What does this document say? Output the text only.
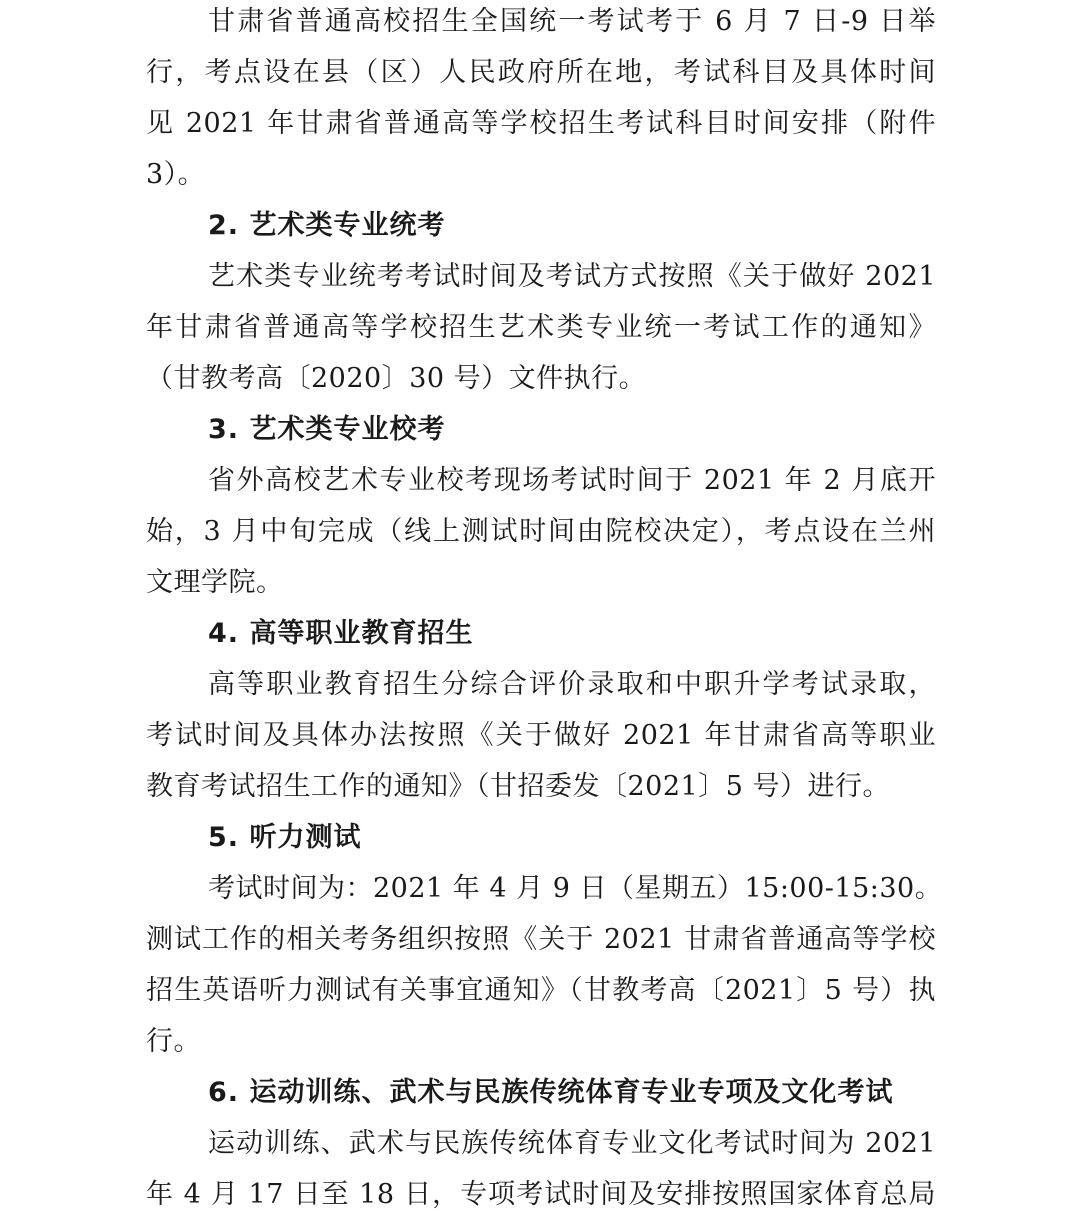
甘肃省普通高校招生全国统一考试考于 6 月 7 日-9 日举
行，考点设在县（区）人民政府所在地，考试科目及具体时间
见 2021 年甘肃省普通高等学校招生考试科目时间安排（附件
3）。
2. 艺术类专业统考
艺术类专业统考考试时间及考试方式按照《关于做好 2021
年甘肃省普通高等学校招生艺术类专业统一考试工作的通知》
（甘教考高〔2020〕30 号）文件执行。
3. 艺术类专业校考
省外高校艺术专业校考现场考试时间于 2021 年 2 月底开
始，3 月中旬完成（线上测试时间由院校决定），考点设在兰州
文理学院。
4. 高等职业教育招生
高等职业教育招生分综合评价录取和中职升学考试录取，
考试时间及具体办法按照《关于做好 2021 年甘肃省高等职业
教育考试招生工作的通知》（甘招委发〔2021〕5 号）进行。
5. 听力测试
考试时间为：2021 年 4 月 9 日（星期五）15:00-15:30。
测试工作的相关考务组织按照《关于 2021 甘肃省普通高等学校
招生英语听力测试有关事宜通知》（甘教考高〔2021〕5 号）执
行。
6. 运动训练、武术与民族传统体育专业专项及文化考试
运动训练、武术与民族传统体育专业文化考试时间为 2021
年 4 月 17 日至 18 日，专项考试时间及安排按照国家体育总局
